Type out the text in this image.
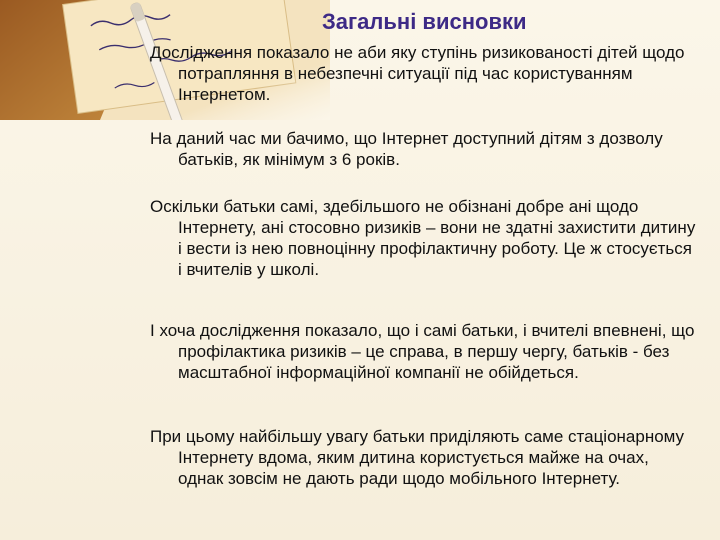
Загальні висновки

Дослідження показало не аби яку ступінь ризикованості дітей щодо потрапляння в небезпечні ситуації під час користуванням Інтернетом.

На даний час ми бачимо, що Інтернет доступний дітям з дозволу батьків, як мінімум з 6 років.

Оскільки батьки самі, здебільшого не обізнані добре ані щодо Інтернету, ані стосовно ризиків – вони не здатні захистити дитину і вести із нею повноцінну профілактичну роботу. Це ж стосується і вчителів у школі.

І хоча дослідження показало, що і самі батьки, і вчителі впевнені, що профілактика ризиків – це справа, в першу чергу, батьків - без масштабної інформаційної компанії не обійдеться.

При цьому найбільшу увагу батьки приділяють саме стаціонарному Інтернету вдома, яким дитина користується майже на очах, однак зовсім не дають ради щодо мобільного Інтернету.
